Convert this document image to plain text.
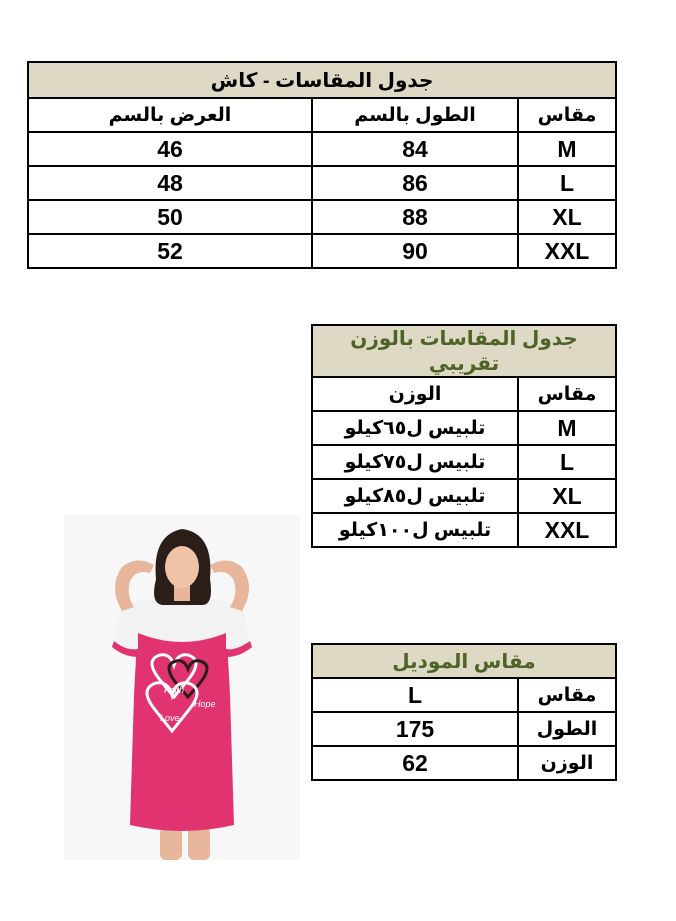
جدول المقاسات - كاش		
مقاس	الطول بالسم	العرض بالسم
M	84	46
L	86	48
XL	88	50
XXL	90	52
جدول المقاسات بالوزن تقريبي	
مقاس	الوزن
M	تلبيس ل٦٥كيلو
L	تلبيس ل٧٥كيلو
XL	تلبيس ل٨٥كيلو
XXL	تلبيس ل١٠٠كيلو
مقاس الموديل	
مقاس	L
الطول	175
الوزن	62
Faith
Love
Hope
